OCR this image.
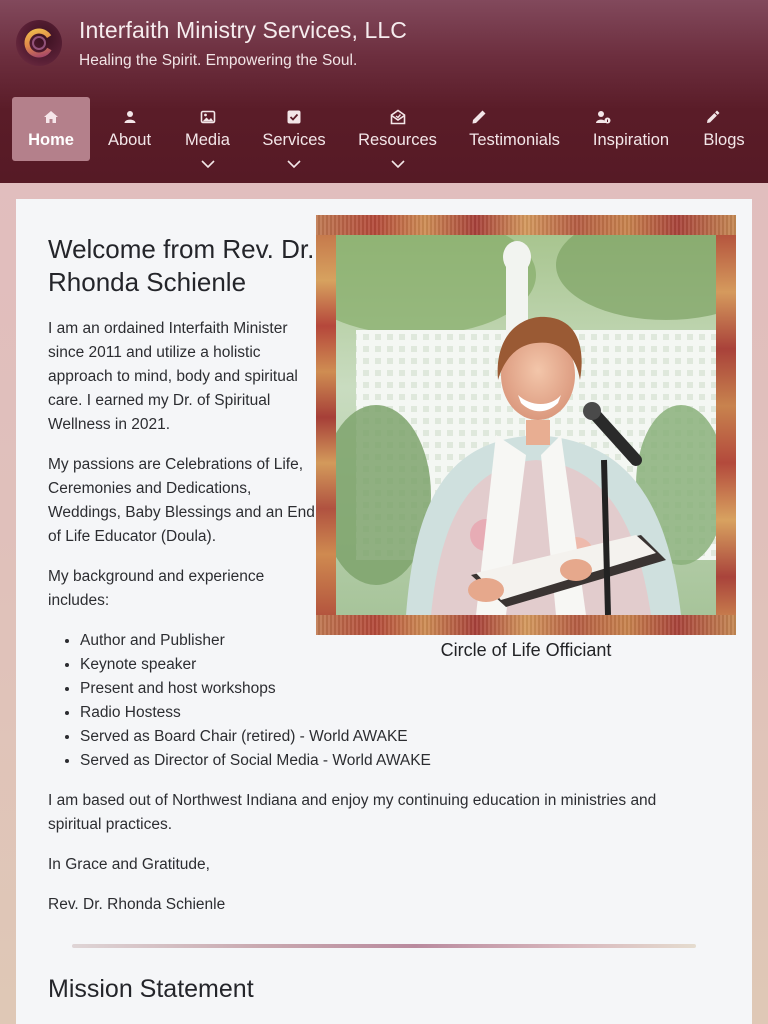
Interfaith Ministry Services, LLC
Healing the Spirit. Empowering the Soul.
Home	About	Media	Services Resources Testimonials Inspiration Blogs
Welcome from Rev. Dr. Rhonda Schienle

I am an ordained Interfaith Minister since 2011 and utilize a holistic approach to mind, body and spiritual care. I earned my Dr. of Spiritual Wellness in 2021.

My passions are Celebrations of Life, Ceremonies and Dedications, Weddings, Baby Blessings and an End of Life Educator (Doula).

My background and experience includes:

• Author and Publisher
• Keynote speaker
• Present and host workshops
• Radio Hostess
• Served as Board Chair (retired) - World AWAKE
• Served as Director of Social Media - World AWAKE

I am based out of Northwest Indiana and enjoy my continuing education in ministries and spiritual practices.

In Grace and Gratitude,

Rev. Dr. Rhonda Schienle

Circle of Life Officiant
Mission Statement
